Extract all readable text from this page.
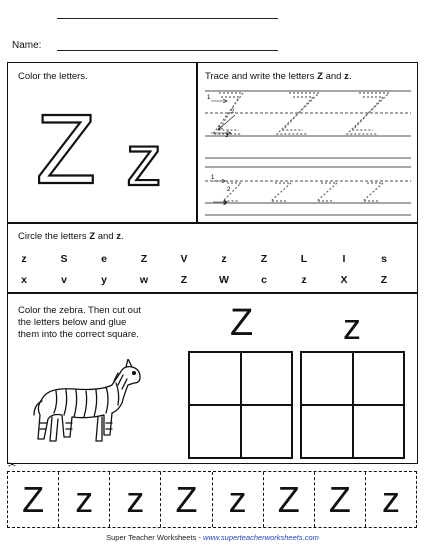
Name:
Color the letters.
Z z
Trace and write the letters Z and z.
1
2
3
1
2
3
Circle the letters Z and z.
z	S	e	Z	V	z	Z	L	I	s
x	v	y	w	Z	W	c	z	X	Z
Color the zebra. Then cut out
the letters below and glue
them into the correct square. Z z
✂
Z z z Z z Z Z z
Super Teacher Worksheets - www.superteacherworksheets.com
